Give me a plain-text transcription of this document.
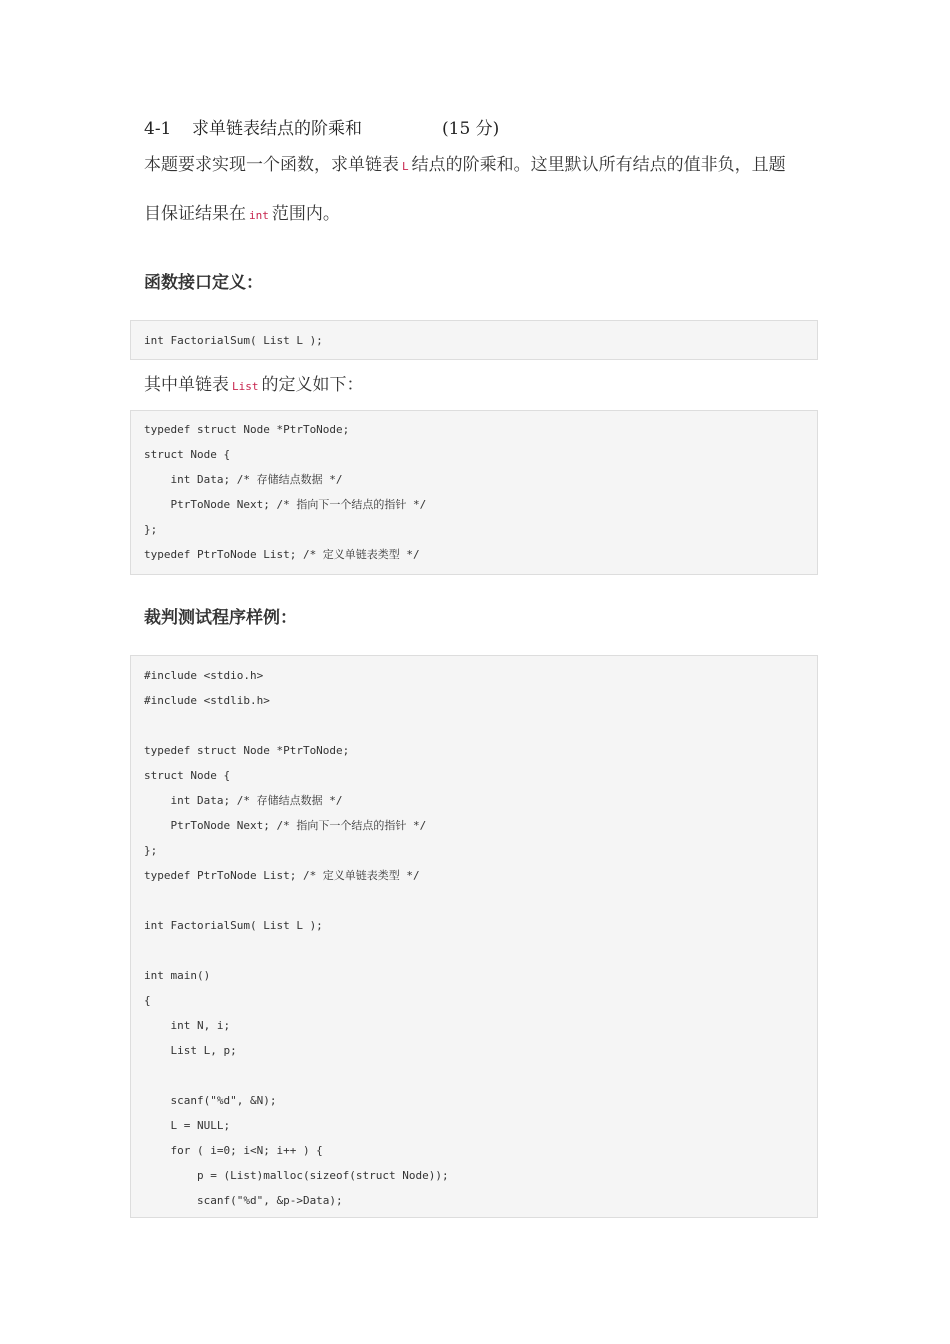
4-1 求单链表结点的阶乘和	(15 分)
本题要求实现一个函数，求单链表 L 结点的阶乘和。这里默认所有结点的值非负，且题
目保证结果在 int 范围内。
函数接口定义：
int FactorialSum( List L );
其中单链表 List 的定义如下：
typedef struct Node *PtrToNode;
struct Node {
int Data; /* 存储结点数据 */
PtrToNode Next; /* 指向下一个结点的指针 */
};
typedef PtrToNode List; /* 定义单链表类型 */
裁判测试程序样例：
#include <stdio.h>
#include <stdlib.h>
typedef struct Node *PtrToNode;
struct Node {
int Data; /* 存储结点数据 */
PtrToNode Next; /* 指向下一个结点的指针 */
};
typedef PtrToNode List; /* 定义单链表类型 */
int FactorialSum( List L );
int main()
{
int N, i;
List L, p;
scanf("%d", &N);
L = NULL;
for ( i=0; i<N; i++ ) {
p = (List)malloc(sizeof(struct Node));
scanf("%d", &p->Data);
